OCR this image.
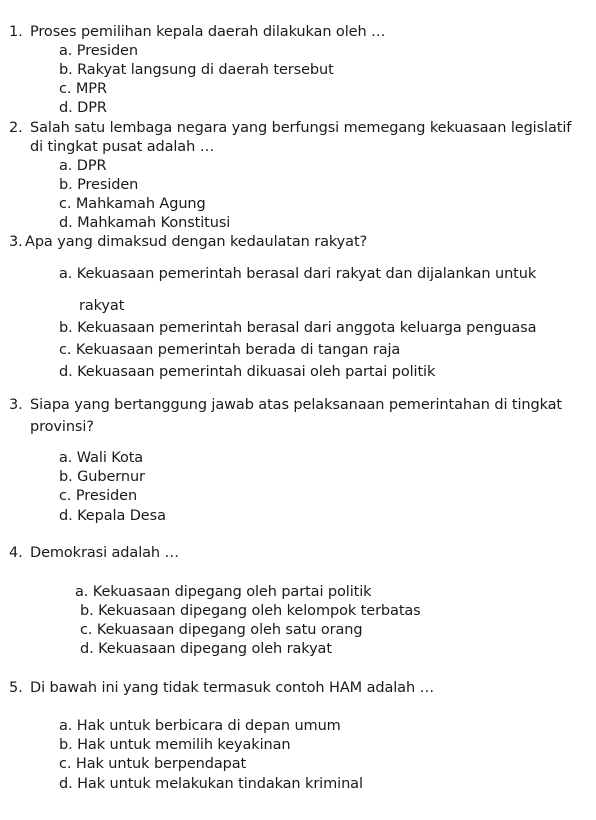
1. Proses pemilihan kepala daerah dilakukan oleh …
a. Presiden
b. Rakyat langsung di daerah tersebut
c. MPR
d. DPR
2. Salah satu lembaga negara yang berfungsi memegang kekuasaan legislatif
di tingkat pusat adalah …
a. DPR
b. Presiden
c. Mahkamah Agung
d. Mahkamah Konstitusi
3. Apa yang dimaksud dengan kedaulatan rakyat?
a. Kekuasaan pemerintah berasal dari rakyat dan dijalankan untuk
rakyat
b. Kekuasaan pemerintah berasal dari anggota keluarga penguasa
c. Kekuasaan pemerintah berada di tangan raja
d. Kekuasaan pemerintah dikuasai oleh partai politik
3. Siapa yang bertanggung jawab atas pelaksanaan pemerintahan di tingkat
provinsi?
a. Wali Kota
b. Gubernur
c. Presiden
d. Kepala Desa
4. Demokrasi adalah …
a. Kekuasaan dipegang oleh partai politik
b. Kekuasaan dipegang oleh kelompok terbatas
c. Kekuasaan dipegang oleh satu orang
d. Kekuasaan dipegang oleh rakyat
5. Di bawah ini yang tidak termasuk contoh HAM adalah …
a. Hak untuk berbicara di depan umum
b. Hak untuk memilih keyakinan
c. Hak untuk berpendapat
d. Hak untuk melakukan tindakan kriminal
